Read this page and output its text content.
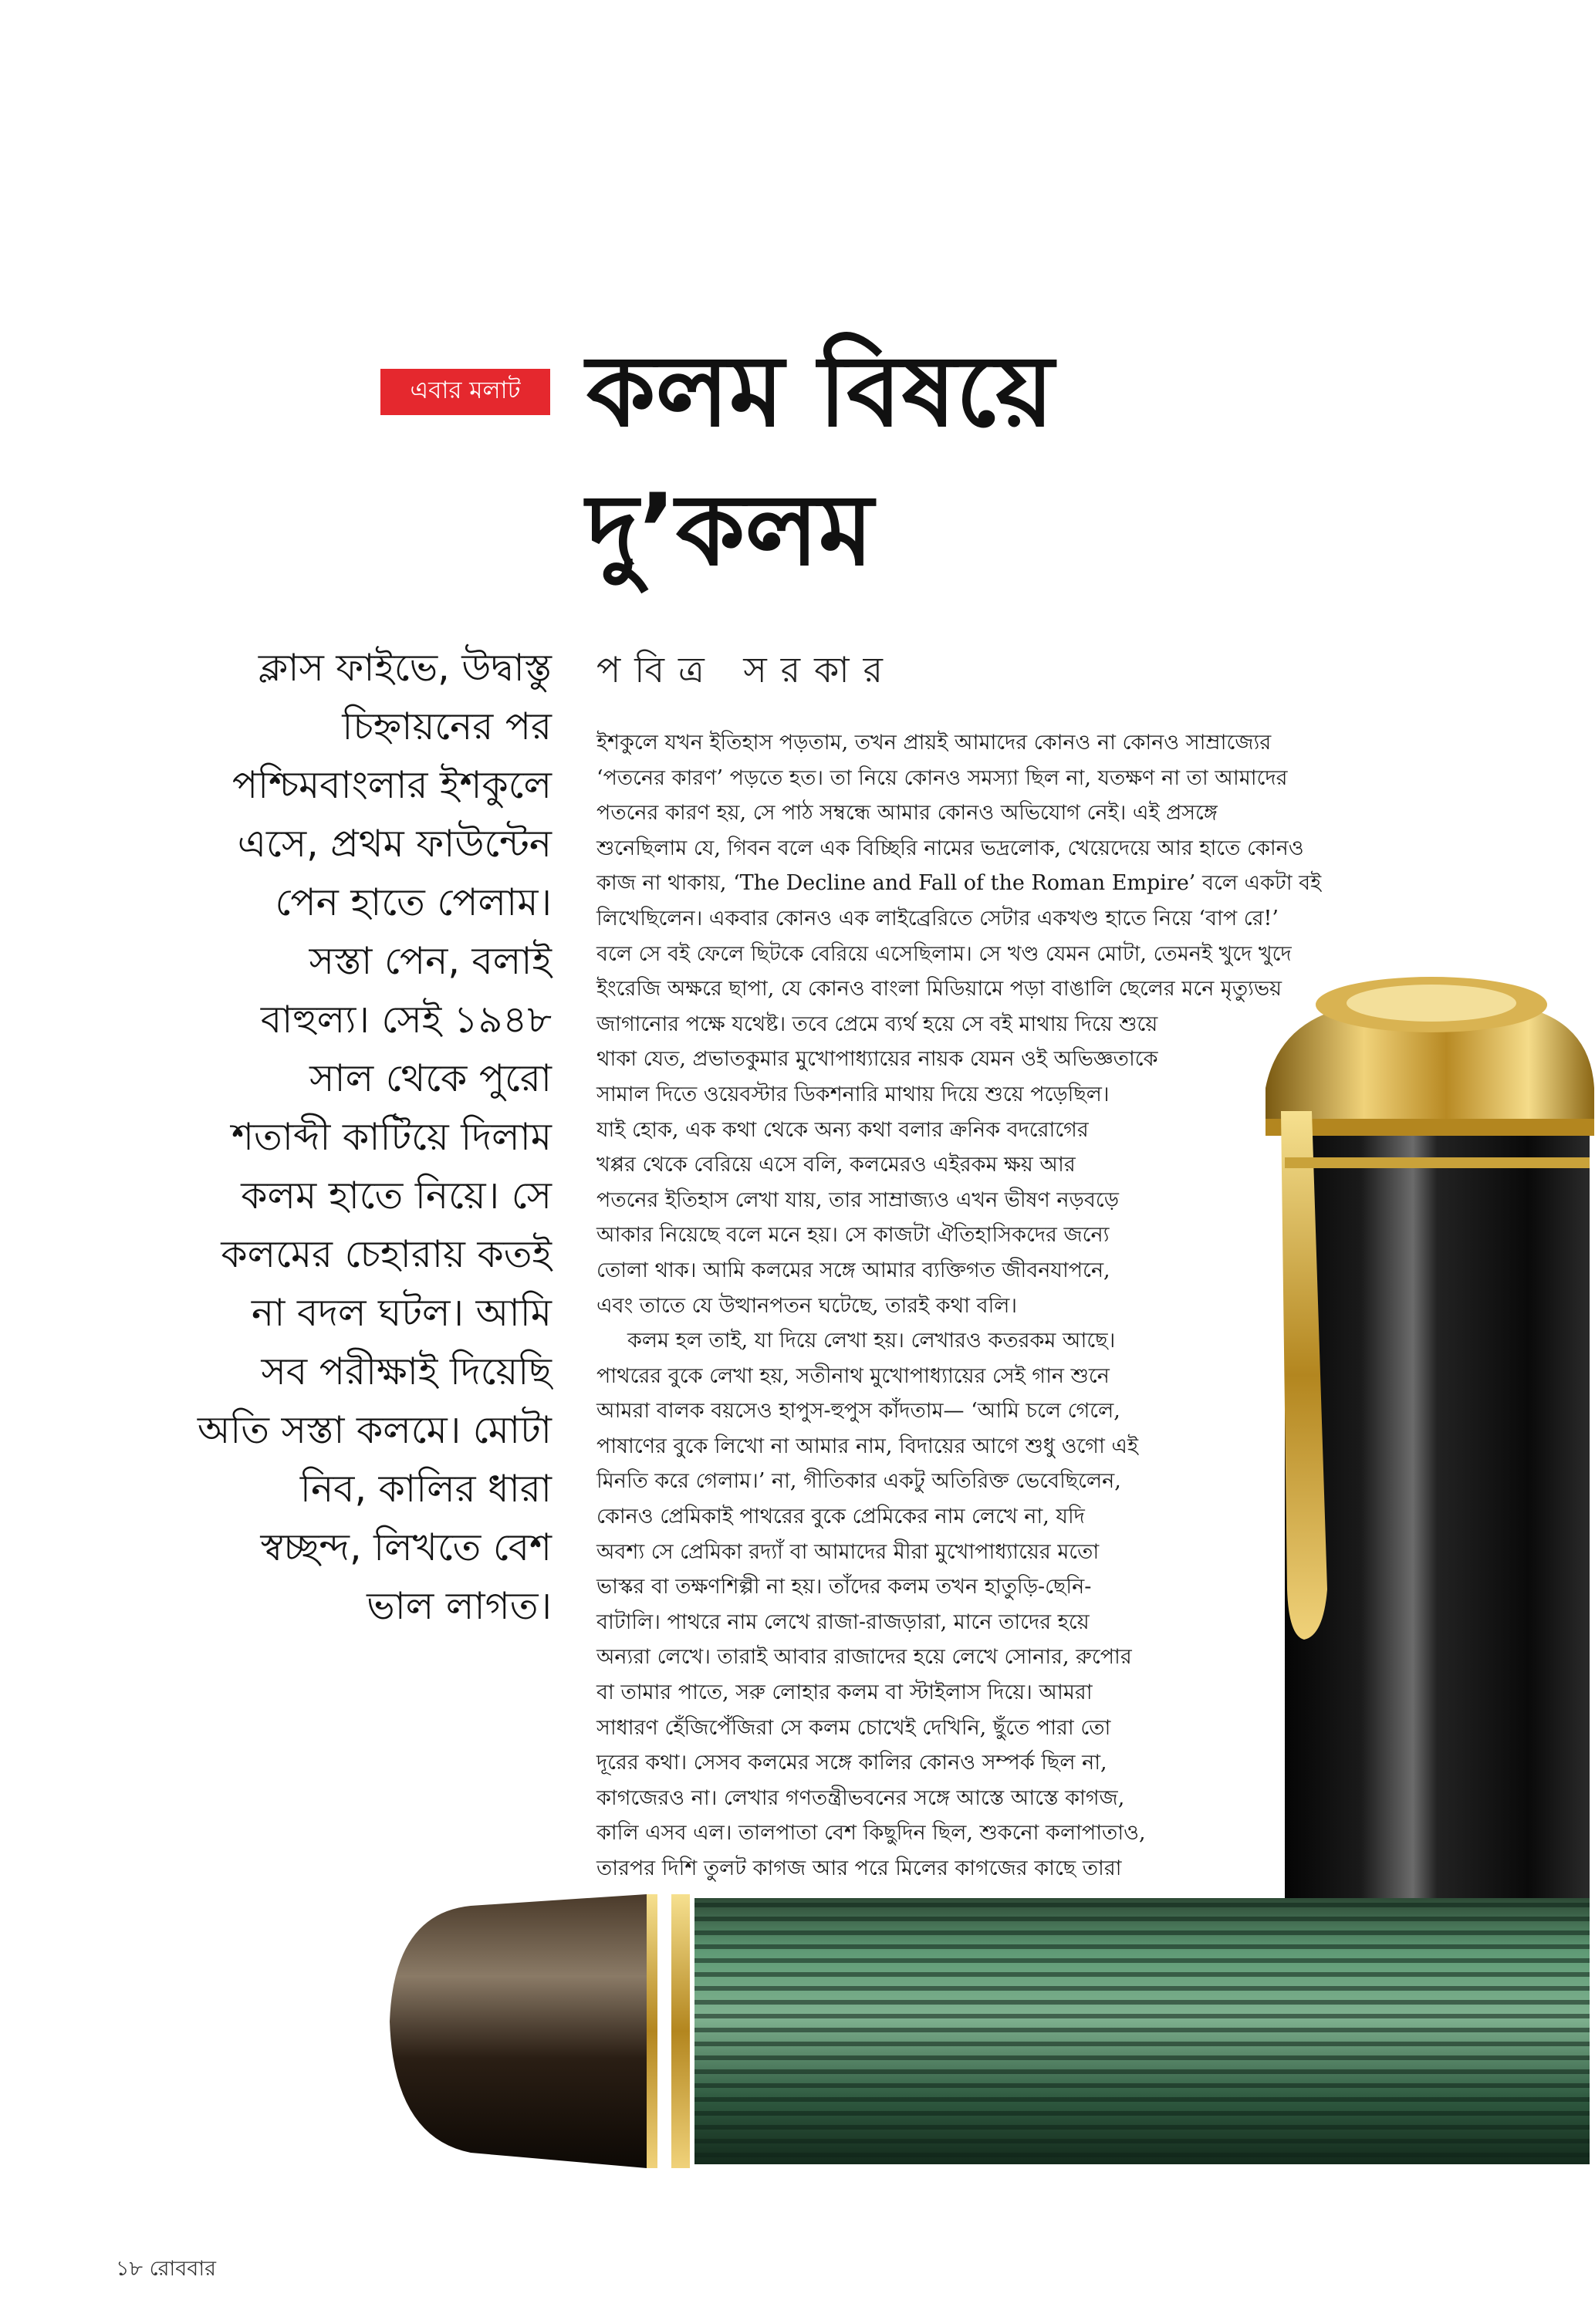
এবার মলাট কলম বিষয়ে
দু’কলম
পবিত্র সরকার
ক্লাস ফাইভে, উদ্বাস্তু
চিহ্নায়নের পর
পশ্চিমবাংলার ইশকুলে
এসে, প্রথম ফাউন্টেন
পেন হাতে পেলাম।
সস্তা পেন, বলাই
বাহুল্য। সেই ১৯৪৮
সাল থেকে পুরো
শতাব্দী কাটিয়ে দিলাম
কলম হাতে নিয়ে। সে
কলমের চেহারায় কতই
না বদল ঘটল। আমি
সব পরীক্ষাই দিয়েছি
অতি সস্তা কলমে। মোটা
নিব, কালির ধারা
স্বচ্ছন্দ, লিখতে বেশ
ভাল লাগত।
ইশকুলে যখন ইতিহাস পড়তাম, তখন প্রায়ই আমাদের কোনও না কোনও সাম্রাজ্যের
‘পতনের কারণ’ পড়তে হত। তা নিয়ে কোনও সমস্যা ছিল না, যতক্ষণ না তা আমাদের
পতনের কারণ হয়, সে পাঠ সম্বন্ধে আমার কোনও অভিযোগ নেই। এই প্রসঙ্গে
শুনেছিলাম যে, গিবন বলে এক বিচ্ছিরি নামের ভদ্রলোক, খেয়েদেয়ে আর হাতে কোনও
কাজ না থাকায়, ‘The Decline and Fall of the Roman Empire’ বলে একটা বই
লিখেছিলেন। একবার কোনও এক লাইব্রেরিতে সেটার একখণ্ড হাতে নিয়ে ‘বাপ রে!’
বলে সে বই ফেলে ছিটকে বেরিয়ে এসেছিলাম। সে খণ্ড যেমন মোটা, তেমনই খুদে খুদে
ইংরেজি অক্ষরে ছাপা, যে কোনও বাংলা মিডিয়ামে পড়া বাঙালি ছেলের মনে মৃত্যুভয়
জাগানোর পক্ষে যথেষ্ট। তবে প্রেমে ব্যর্থ হয়ে সে বই মাথায় দিয়ে শুয়ে
থাকা যেত, প্রভাতকুমার মুখোপাধ্যায়ের নায়ক যেমন ওই অভিজ্ঞতাকে
সামাল দিতে ওয়েবস্টার ডিকশনারি মাথায় দিয়ে শুয়ে পড়েছিল।
যাই হোক, এক কথা থেকে অন্য কথা বলার ক্রনিক বদরোগের
খপ্পর থেকে বেরিয়ে এসে বলি, কলমেরও এইরকম ক্ষয় আর
পতনের ইতিহাস লেখা যায়, তার সাম্রাজ্যও এখন ভীষণ নড়বড়ে
আকার নিয়েছে বলে মনে হয়। সে কাজটা ঐতিহাসিকদের জন্যে
তোলা থাক। আমি কলমের সঙ্গে আমার ব্যক্তিগত জীবনযাপনে,
এবং তাতে যে উত্থানপতন ঘটেছে, তারই কথা বলি।
কলম হল তাই, যা দিয়ে লেখা হয়। লেখারও কতরকম আছে।
পাথরের বুকে লেখা হয়, সতীনাথ মুখোপাধ্যায়ের সেই গান শুনে
আমরা বালক বয়সেও হাপুস-হুপুস কাঁদতাম— ‘আমি চলে গেলে,
পাষাণের বুকে লিখো না আমার নাম, বিদায়ের আগে শুধু ওগো এই
মিনতি করে গেলাম।’ না, গীতিকার একটু অতিরিক্ত ভেবেছিলেন,
কোনও প্রেমিকাই পাথরের বুকে প্রেমিকের নাম লেখে না, যদি
অবশ্য সে প্রেমিকা রদ্যাঁ বা আমাদের মীরা মুখোপাধ্যায়ের মতো
ভাস্কর বা তক্ষণশিল্পী না হয়। তাঁদের কলম তখন হাতুড়ি-ছেনি-
বাটালি। পাথরে নাম লেখে রাজা-রাজড়ারা, মানে তাদের হয়ে
অন্যরা লেখে। তারাই আবার রাজাদের হয়ে লেখে সোনার, রুপোর
বা তামার পাতে, সরু লোহার কলম বা স্টাইলাস দিয়ে। আমরা
সাধারণ হেঁজিপেঁজিরা সে কলম চোখেই দেখিনি, ছুঁতে পারা তো
দূরের কথা। সেসব কলমের সঙ্গে কালির কোনও সম্পর্ক ছিল না,
কাগজেরও না। লেখার গণতন্ত্রীভবনের সঙ্গে আস্তে আস্তে কাগজ,
কালি এসব এল। তালপাতা বেশ কিছুদিন ছিল, শুকনো কলাপাতাও,
তারপর দিশি তুলট কাগজ আর পরে মিলের কাগজের কাছে তারা
১৮ রোববার
